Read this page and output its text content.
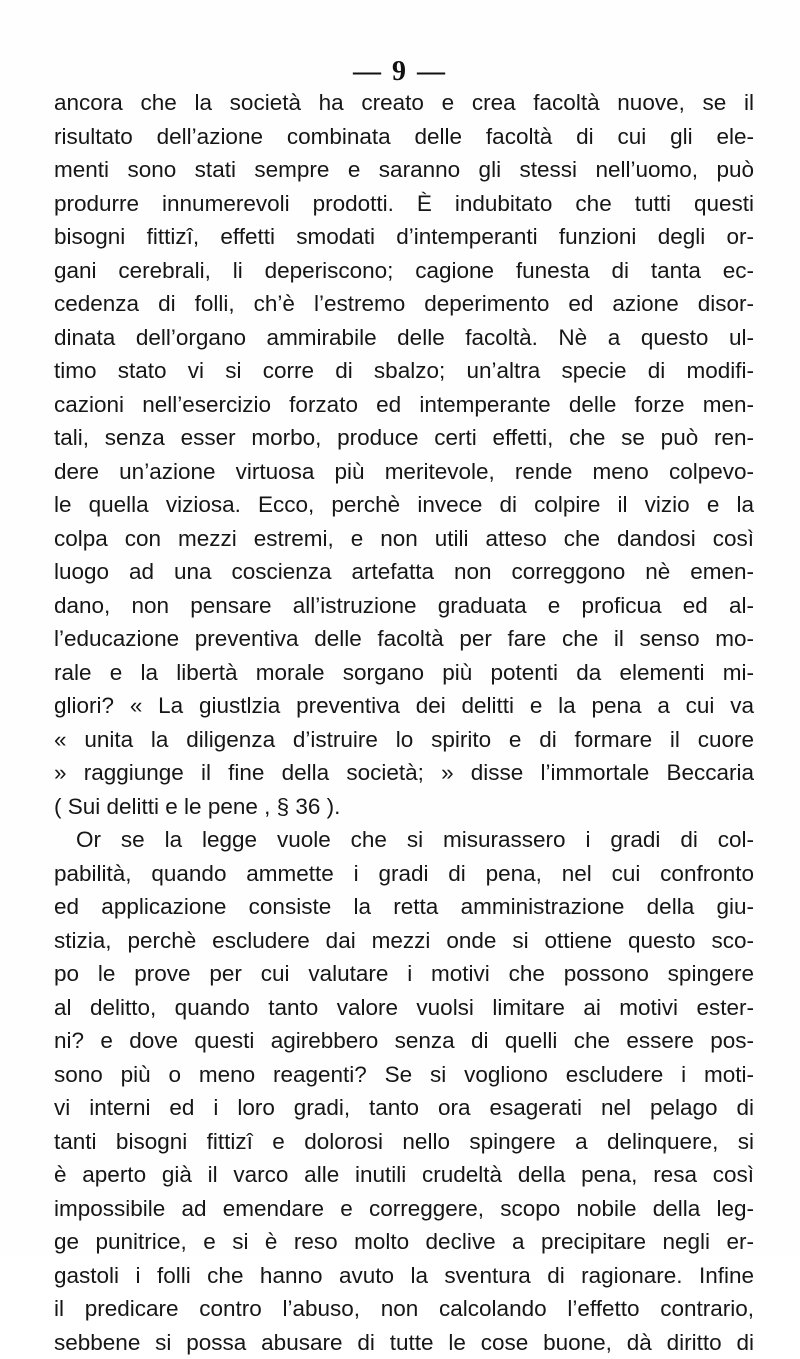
— 9 —
ancora che la società ha creato e crea facoltà nuove, se il
risultato dell’azione combinata delle facoltà di cui gli ele-
menti sono stati sempre e saranno gli stessi nell’uomo, può
produrre innumerevoli prodotti. È indubitato che tutti questi
bisogni fittizî, effetti smodati d’intemperanti funzioni degli or-
gani cerebrali, li deperiscono; cagione funesta di tanta ec-
cedenza di folli, ch’è l’estremo deperimento ed azione disor-
dinata dell’organo ammirabile delle facoltà. Nè a questo ul-
timo stato vi si corre di sbalzo; un’altra specie di modifi-
cazioni nell’esercizio forzato ed intemperante delle forze men-
tali, senza esser morbo, produce certi effetti, che se può ren-
dere un’azione virtuosa più meritevole, rende meno colpevo-
le quella viziosa. Ecco, perchè invece di colpire il vizio e la
colpa con mezzi estremi, e non utili atteso che dandosi così
luogo ad una coscienza artefatta non correggono nè emen-
dano, non pensare all’istruzione graduata e proficua ed al-
l’educazione preventiva delle facoltà per fare che il senso mo-
rale e la libertà morale sorgano più potenti da elementi mi-
gliori? « La giustlzia preventiva dei delitti e la pena a cui va
« unita la diligenza d’istruire lo spirito e di formare il cuore
» raggiunge il fine della società; » disse l’immortale Beccaria
( Sui delitti e le pene , § 36 ).
Or se la legge vuole che si misurassero i gradi di col-
pabilità, quando ammette i gradi di pena, nel cui confronto
ed applicazione consiste la retta amministrazione della giu-
stizia, perchè escludere dai mezzi onde si ottiene questo sco-
po le prove per cui valutare i motivi che possono spingere
al delitto, quando tanto valore vuolsi limitare ai motivi ester-
ni? e dove questi agirebbero senza di quelli che essere pos-
sono più o meno reagenti? Se si vogliono escludere i moti-
vi interni ed i loro gradi, tanto ora esagerati nel pelago di
tanti bisogni fittizî e dolorosi nello spingere a delinquere, si
è aperto già il varco alle inutili crudeltà della pena, resa così
impossibile ad emendare e correggere, scopo nobile della leg-
ge punitrice, e si è reso molto declive a precipitare negli er-
gastoli i folli che hanno avuto la sventura di ragionare. Infine
il predicare contro l’abuso, non calcolando l’effetto contrario,
sebbene si possa abusare di tutte le cose buone, dà diritto di
